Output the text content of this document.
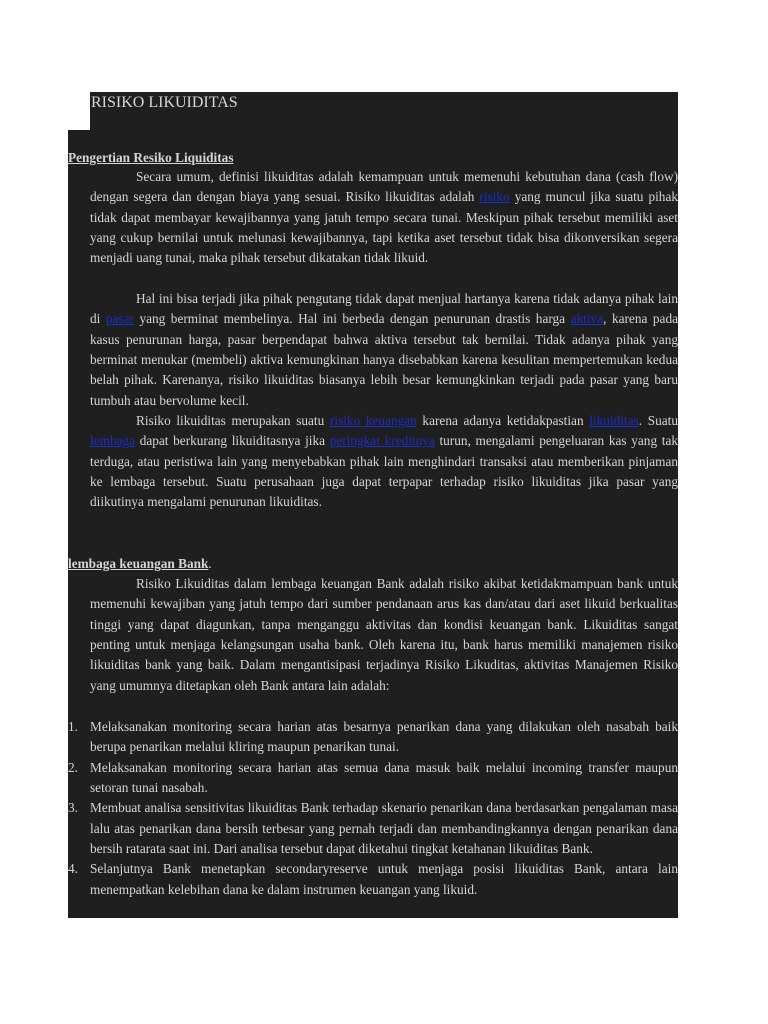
RISIKO LIKUIDITAS
Pengertian Resiko Liquiditas
Secara umum, definisi likuiditas adalah kemampuan untuk memenuhi kebutuhan dana (cash flow) dengan segera dan dengan biaya yang sesuai. Risiko likuiditas adalah risiko yang muncul jika suatu pihak tidak dapat membayar kewajibannya yang jatuh tempo secara tunai. Meskipun pihak tersebut memiliki aset yang cukup bernilai untuk melunasi kewajibannya, tapi ketika aset tersebut tidak bisa dikonversikan segera menjadi uang tunai, maka pihak tersebut dikatakan tidak likuid.
Hal ini bisa terjadi jika pihak pengutang tidak dapat menjual hartanya karena tidak adanya pihak lain di pasar yang berminat membelinya. Hal ini berbeda dengan penurunan drastis harga aktiva, karena pada kasus penurunan harga, pasar berpendapat bahwa aktiva tersebut tak bernilai. Tidak adanya pihak yang berminat menukar (membeli) aktiva kemungkinan hanya disebabkan karena kesulitan mempertemukan kedua belah pihak. Karenanya, risiko likuiditas biasanya lebih besar kemungkinkan terjadi pada pasar yang baru tumbuh atau bervolume kecil.
Risiko likuiditas merupakan suatu risiko keuangan karena adanya ketidakpastian likuiditas. Suatu lembaga dapat berkurang likuiditasnya jika peringkat kreditnya turun, mengalami pengeluaran kas yang tak terduga, atau peristiwa lain yang menyebabkan pihak lain menghindari transaksi atau memberikan pinjaman ke lembaga tersebut. Suatu perusahaan juga dapat terpapar terhadap risiko likuiditas jika pasar yang diikutinya mengalami penurunan likuiditas.
lembaga keuangan Bank.
Risiko Likuiditas dalam lembaga keuangan Bank adalah risiko akibat ketidakmampuan bank untuk memenuhi kewajiban yang jatuh tempo dari sumber pendanaan arus kas dan/atau dari aset likuid berkualitas tinggi yang dapat diagunkan, tanpa menganggu aktivitas dan kondisi keuangan bank. Likuiditas sangat penting untuk menjaga kelangsungan usaha bank. Oleh karena itu, bank harus memiliki manajemen risiko likuiditas bank yang baik. Dalam mengantisipasi terjadinya Risiko Likuditas, aktivitas Manajemen Risiko yang umumnya ditetapkan oleh Bank antara lain adalah:
1. Melaksanakan monitoring secara harian atas besarnya penarikan dana yang dilakukan oleh nasabah baik berupa penarikan melalui kliring maupun penarikan tunai.
2. Melaksanakan monitoring secara harian atas semua dana masuk baik melalui incoming transfer maupun setoran tunai nasabah.
3. Membuat analisa sensitivitas likuiditas Bank terhadap skenario penarikan dana berdasarkan pengalaman masa lalu atas penarikan dana bersih terbesar yang pernah terjadi dan membandingkannya dengan penarikan dana bersih ratarata saat ini. Dari analisa tersebut dapat diketahui tingkat ketahanan likuiditas Bank.
4. Selanjutnya Bank menetapkan secondaryreserve untuk menjaga posisi likuiditas Bank, antara lain menempatkan kelebihan dana ke dalam instrumen keuangan yang likuid.
